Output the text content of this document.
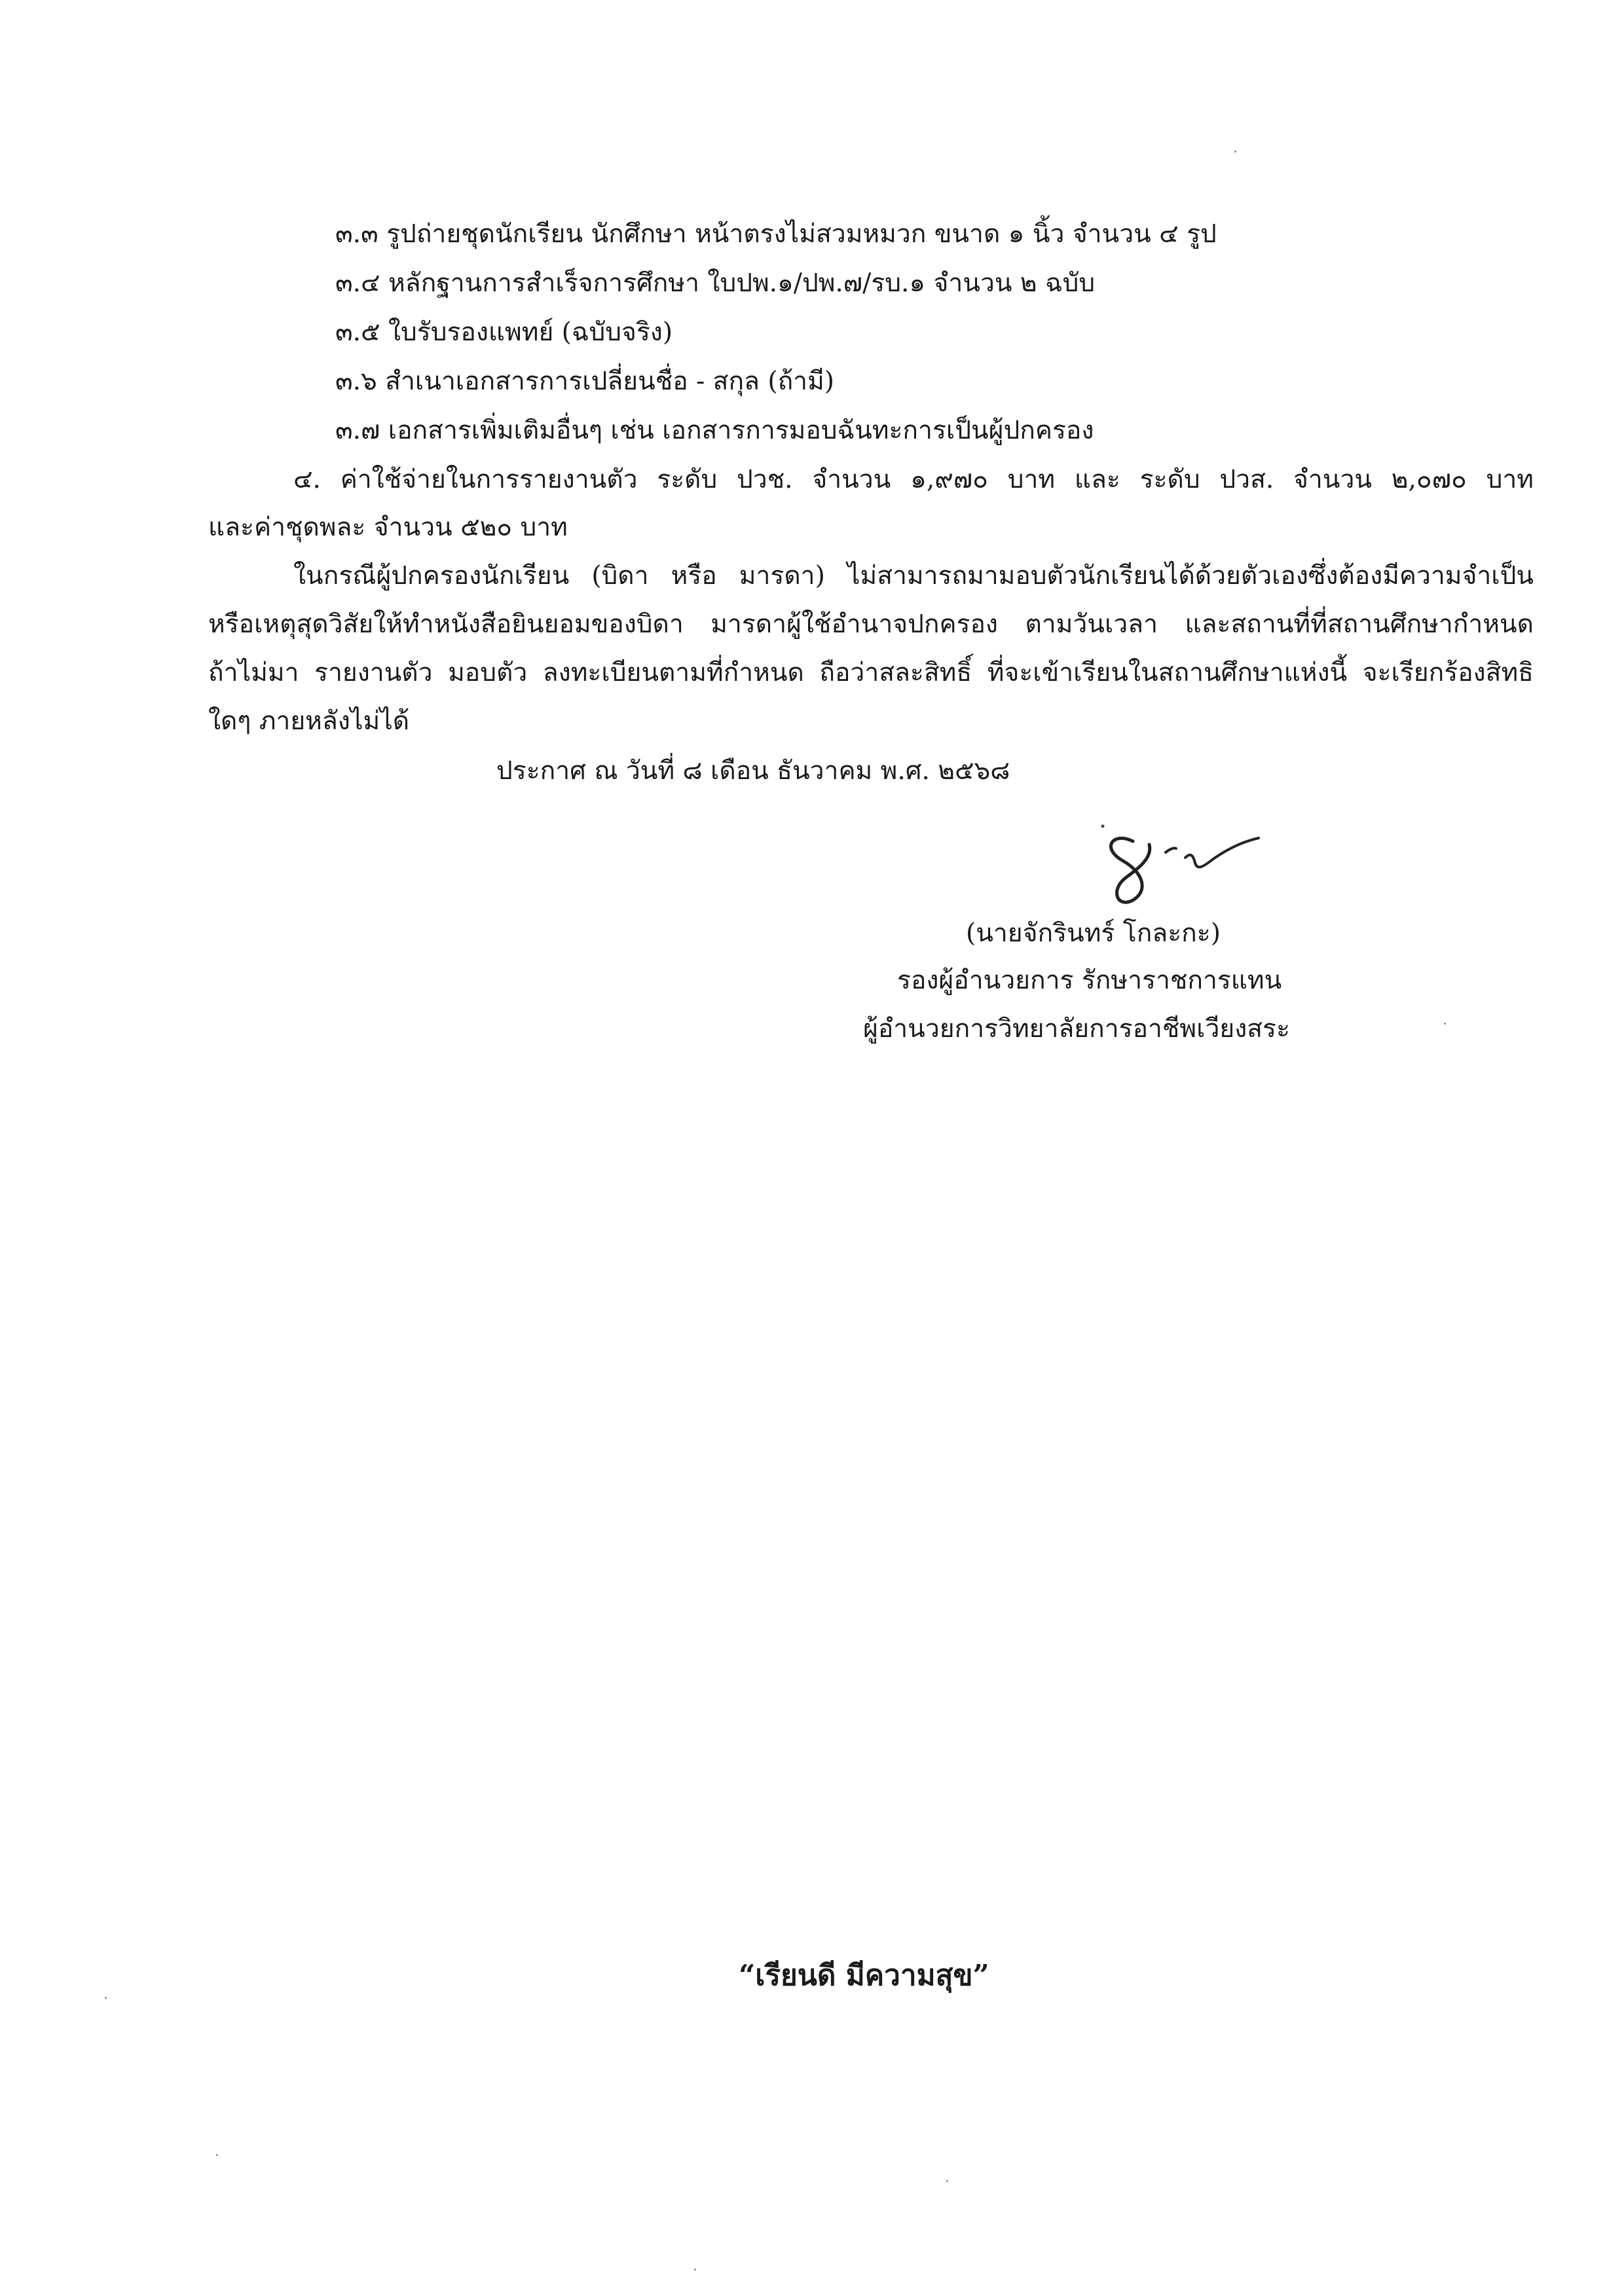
๓.๓ รูปถ่ายชุดนักเรียน นักศึกษา หน้าตรงไม่สวมหมวก ขนาด ๑ นิ้ว จำนวน ๔ รูป
๓.๔ หลักฐานการสำเร็จการศึกษา ใบปพ.๑/ปพ.๗/รบ.๑ จำนวน ๒ ฉบับ
๓.๕ ใบรับรองแพทย์ (ฉบับจริง)
๓.๖ สำเนาเอกสารการเปลี่ยนชื่อ - สกุล (ถ้ามี)
๓.๗ เอกสารเพิ่มเติมอื่นๆ เช่น เอกสารการมอบฉันทะการเป็นผู้ปกครอง
๔. ค่าใช้จ่ายในการรายงานตัว ระดับ ปวช. จำนวน ๑,๙๗๐ บาท และ ระดับ ปวส. จำนวน ๒,๐๗๐ บาท
และค่าชุดพละ จำนวน ๕๒๐ บาท
ในกรณีผู้ปกครองนักเรียน (บิดา หรือ มารดา) ไม่สามารถมามอบตัวนักเรียนได้ด้วยตัวเองซึ่งต้องมีความจำเป็น
หรือเหตุสุดวิสัยให้ทำหนังสือยินยอมของบิดา มารดาผู้ใช้อำนาจปกครอง ตามวันเวลา และสถานที่ที่สถานศึกษากำหนด
ถ้าไม่มา รายงานตัว มอบตัว ลงทะเบียนตามที่กำหนด ถือว่าสละสิทธิ์ ที่จะเข้าเรียนในสถานศึกษาแห่งนี้ จะเรียกร้องสิทธิ
ใดๆ ภายหลังไม่ได้
ประกาศ ณ วันที่ ๘ เดือน ธันวาคม พ.ศ. ๒๕๖๘
(นายจักรินทร์ โกละกะ)
รองผู้อำนวยการ รักษาราชการแทน
ผู้อำนวยการวิทยาลัยการอาชีพเวียงสระ
“เรียนดี มีความสุข”
